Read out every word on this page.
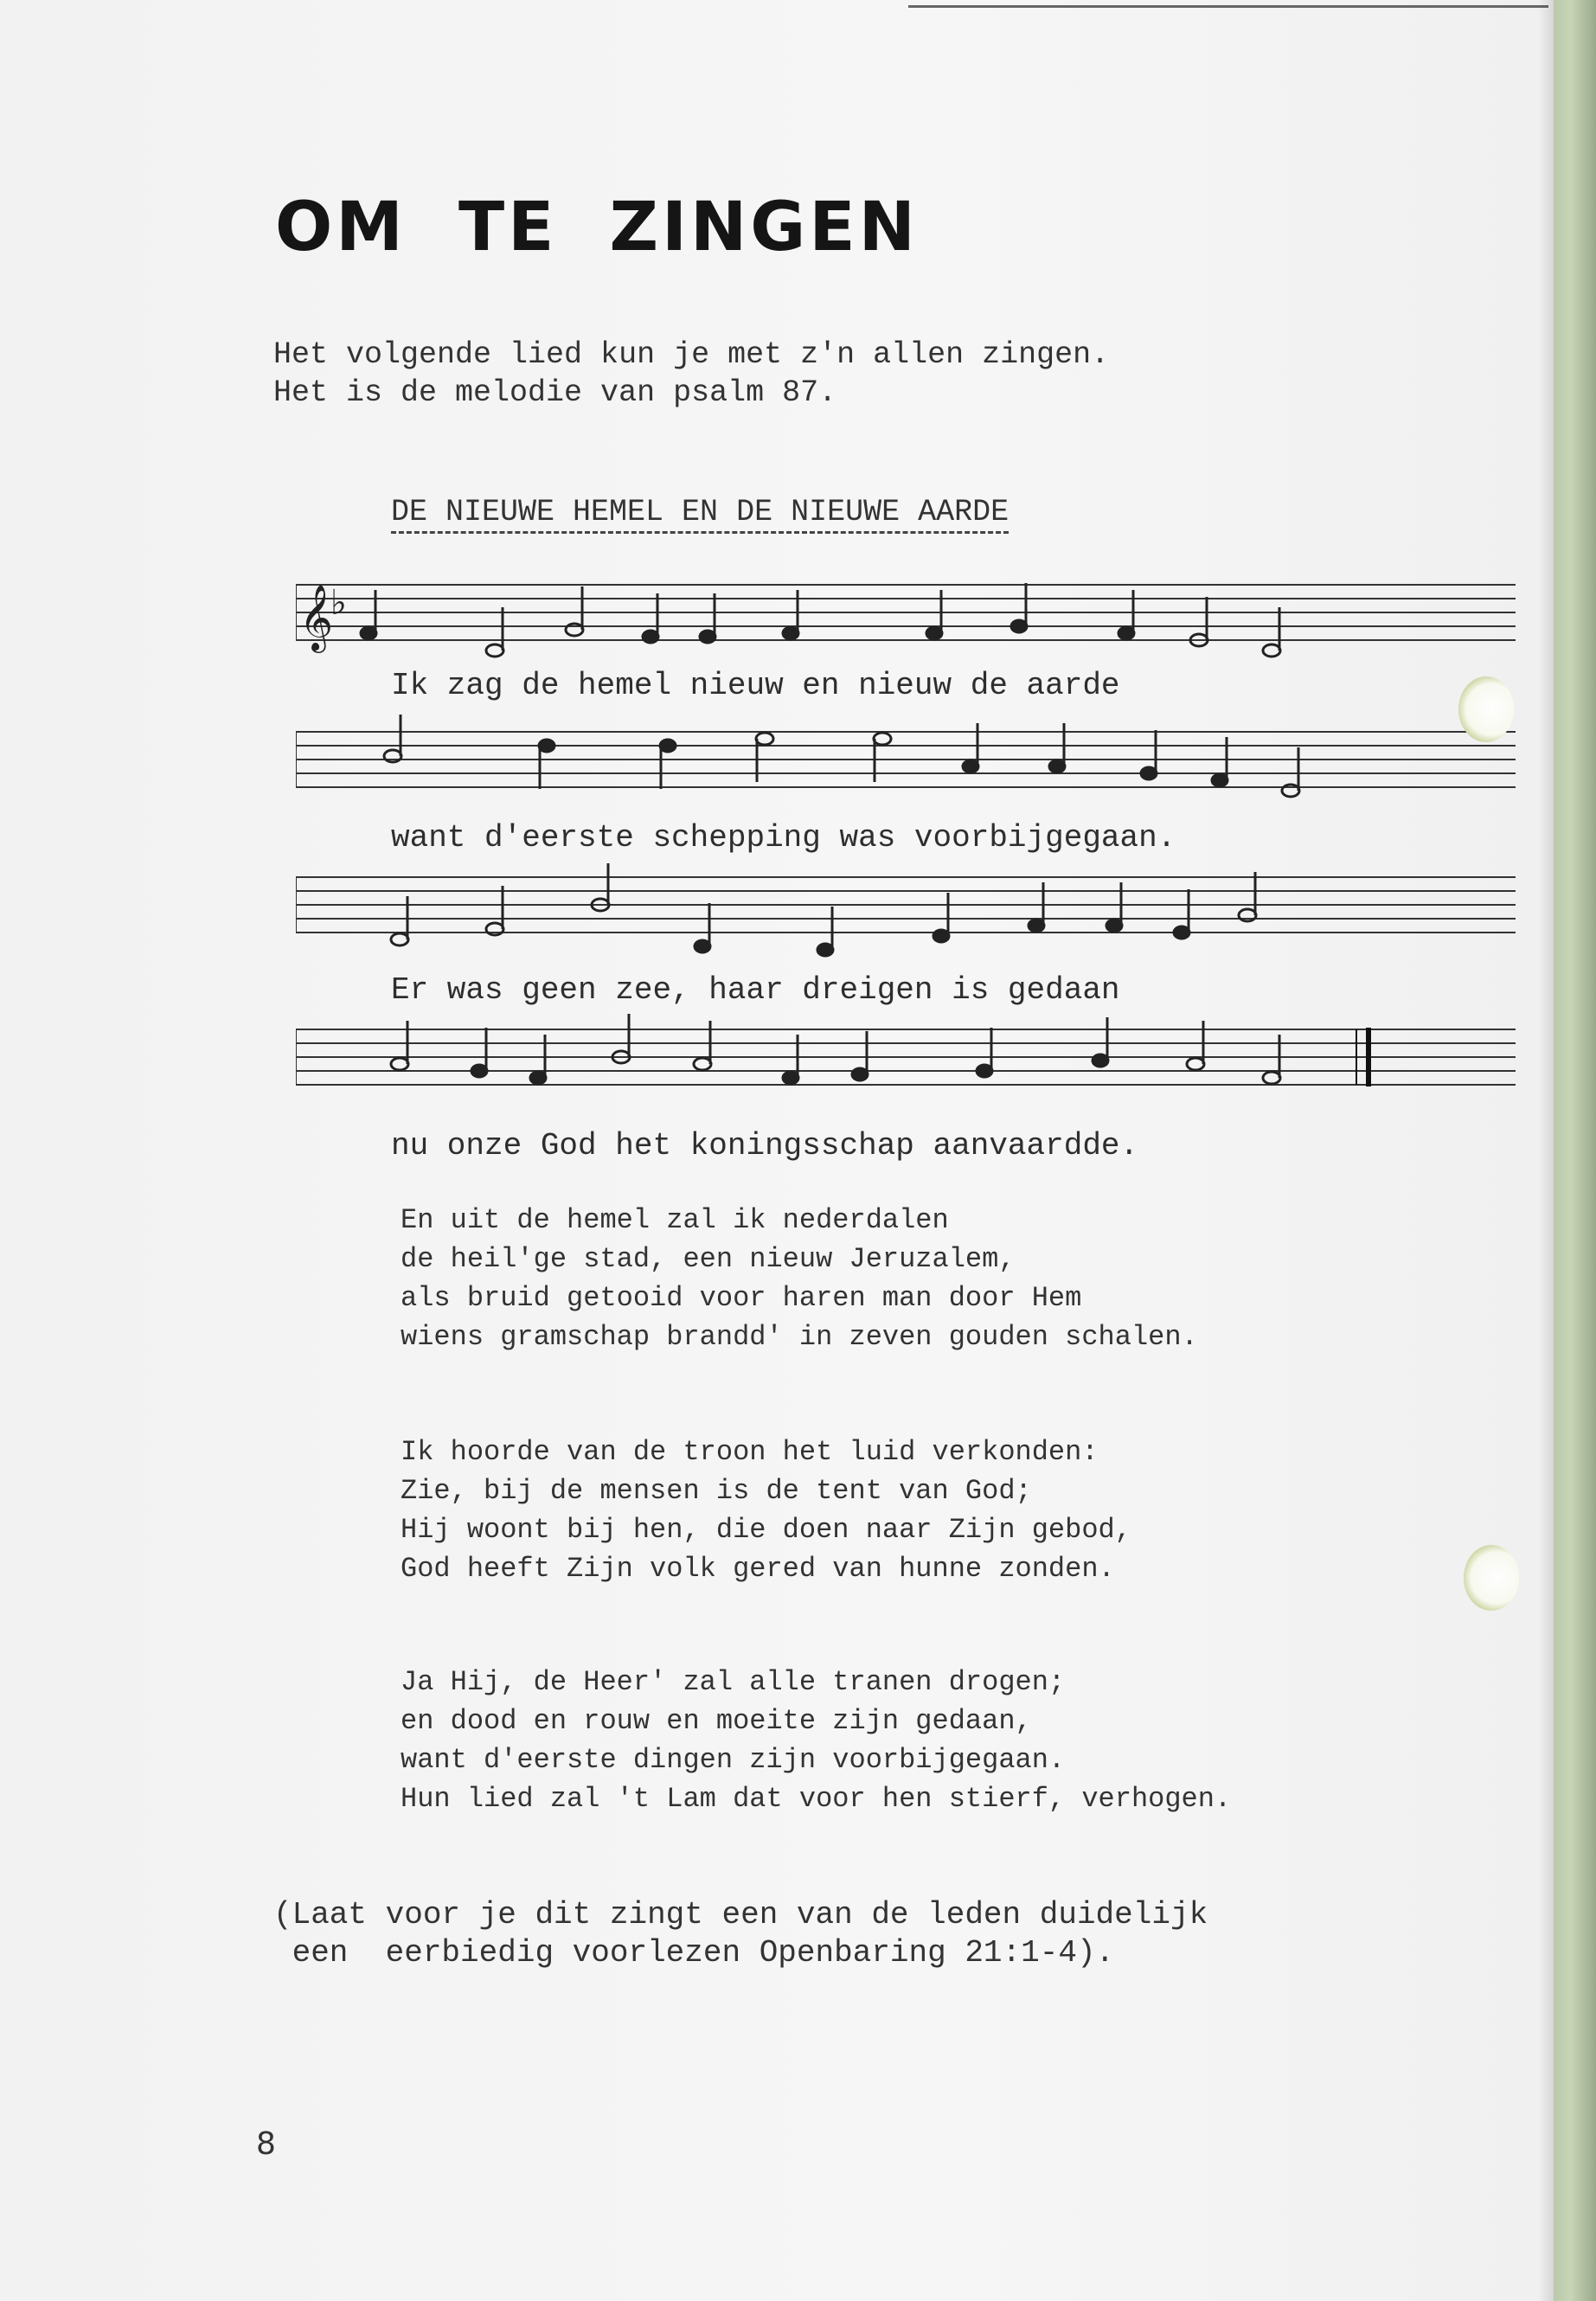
OM TE ZINGEN
Het volgende lied kun je met z'n allen zingen.
Het is de melodie van psalm 87.
DE NIEUWE HEMEL EN DE NIEUWE AARDE
𝄞
♭
Ik zag de hemel nieuw en nieuw de aarde
want d'eerste schepping was voorbijgegaan.
Er was geen zee, haar dreigen is gedaan
nu onze God het koningsschap aanvaardde.
En uit de hemel zal ik nederdalen
de heil'ge stad, een nieuw Jeruzalem,
als bruid getooid voor haren man door Hem
wiens gramschap brandd' in zeven gouden schalen.
Ik hoorde van de troon het luid verkonden:
Zie, bij de mensen is de tent van God;
Hij woont bij hen, die doen naar Zijn gebod,
God heeft Zijn volk gered van hunne zonden.
Ja Hij, de Heer' zal alle tranen drogen;
en dood en rouw en moeite zijn gedaan,
want d'eerste dingen zijn voorbijgegaan.
Hun lied zal 't Lam dat voor hen stierf, verhogen.
(Laat voor je dit zingt een van de leden duidelijk
een  eerbiedig voorlezen Openbaring 21:1-4).
8
